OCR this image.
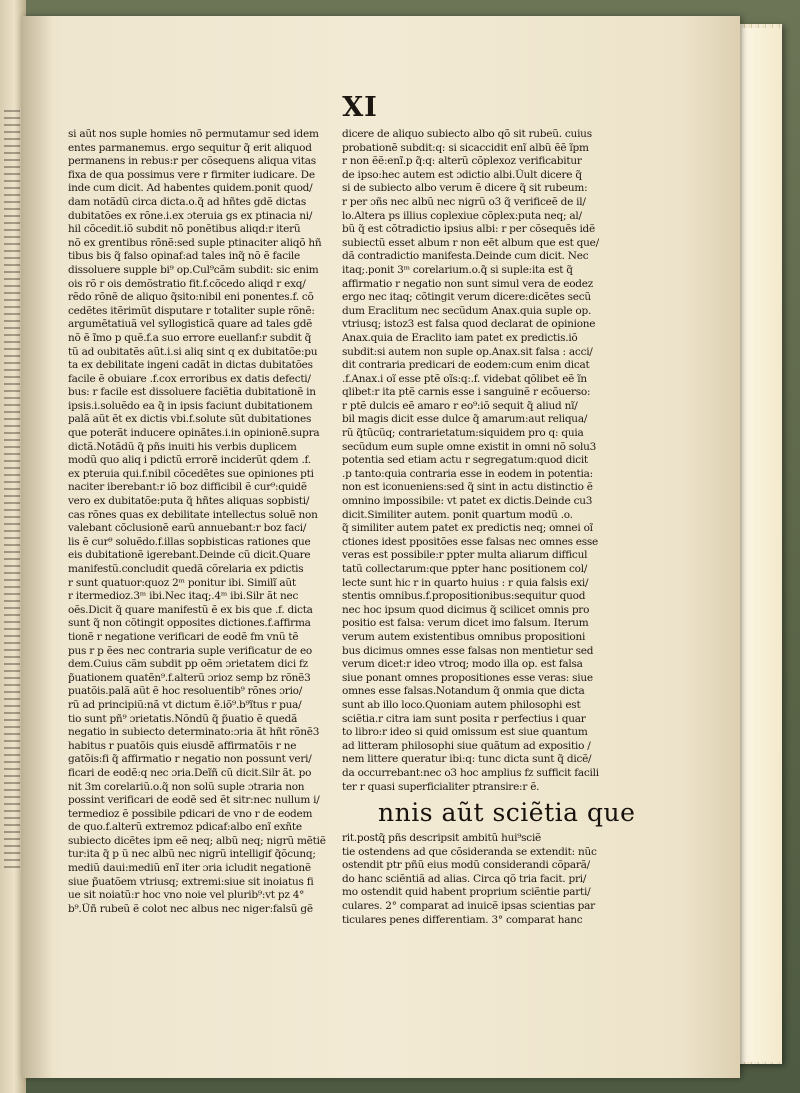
XI
si aũt nos suple homies nõ permutamur sed idem
entes parmanemus. ergo sequitur q̃ erit aliquod
permanens in rebus:r per cõsequens aliqua vitas
fixa de qua possimus vere r firmiter iudicare. De
inde cum dicit. Ad habentes quidem.ponit quod/
dam notãdũ circa dicta.o.q̃ ad hñtes gdẽ dictas
dubitatões ex rõne.i.ex ɔteruia gs ex ptinacia ni/
hil cõcedit.iõ subdit nõ ponẽtibus aliqd:r iterũ
nõ ex grentibus rõnẽ:sed suple ptinaciter aliqõ hñ
tibus bis q̃ falso opinaf:ad tales inq̃ nõ ẽ facile
dissoluere supple bi⁹ op.Cul⁹cãm subdit: sic enim
ois rõ r ois demõstratio fit.f.cõcedo aliqd r exq/
rẽdo rõnẽ de aliquo q̃sito:nibil eni ponentes.f. cõ
cedẽtes itẽrimũt disputare r totaliter suple rõnẽ:
argumẽtatiuã vel syllogisticã quare ad tales gdẽ
nõ ẽ ĩmo p quẽ.f.a suo errore euellanf:r subdit q̃
tũ ad oubitatẽs aũt.i.si aliq sint q ex dubitatõe:pu
ta ex debilitate ingeni cadãt in dictas dubitatões
facile ẽ obuiare .f.cox erroribus ex datis defecti/
bus: r facile est dissoluere faciẽtia dubitationẽ in
ipsis.i.soluẽdo ea q̃ in ipsis faciunt dubitationem
palã aũt ẽt ex dictis vbi.f.solute sũt dubitationes
que poterãt inducere opinãtes.i.in opinionẽ.supra
dictã.Notãdũ q̃ pñs inuiti his verbis duplicem
modũ quo aliq i pdictũ errorẽ inciderũt qdem .f.
ex pteruia qui.f.nibil cõcedẽtes sue opiniones pti
naciter iberebant:r iõ boz difficibil ẽ cur⁹:quidẽ
vero ex dubitatõe:puta q̃ hñtes aliquas sopbisti/
cas rõnes quas ex debilitate intellectus soluẽ non
valebant cõclusionẽ earũ annuebant:r boz faci/
lis ẽ cur⁹ soluẽdo.f.illas sopbisticas rationes que
eis dubitationẽ igerebant.Deinde cũ dicit.Quare
manifestũ.concludit quedã cõrelaria ex pdictis
r sunt quatuor:quoz 2ᵐ ponitur ibi. Similĩ aũt
r itermedioz.3ᵐ ibi.Nec itaq;.4ᵐ ibi.Silr ãt nec
oẽs.Dicit q̃ quare manifestũ ẽ ex bis que .f. dicta
sunt q̃ non cõtingit opposites dictiones.f.affirma
tionẽ r negatione verificari de eodẽ fm vnũ tẽ
pus r p ẽes nec contraria suple verificatur de eo
dem.Cuius cãm subdit pp oẽm ɔrietatem dici fz
p̃uationem quatẽn⁹.f.alterũ ɔrioz semp bz rõnẽ3
puatõis.palã aũt ẽ hoc resoluentib⁹ rõnes ɔrio/
rũ ad principiũ:nã vt dictum ẽ.iõ⁹.b⁹ĩtus r pua/
tio sunt pñ⁹ ɔrietatis.Nõndũ q̃ p̃uatio ẽ quedã
negatio in subiecto determinato:ɔria ãt hñt rõnẽ3
habitus r puatõis quis eiusdẽ affirmatõis r ne
gatõis:fi q̃ affirmatio r negatio non possunt veri/
ficari de eodẽ:q nec ɔria.Deĩñ cũ dicit.Silr ãt. po
nit 3m corelariũ.o.q̃ non solũ suple ɔtraria non
possint verificari de eodẽ sed ẽt sitr:nec nullum i/
termedioz ẽ possibile pdicari de vno r de eodem
de quo.f.alterũ extremoz pdicaf:albo enĩ exñte
subiecto dicẽtes ipm eẽ neq; albũ neq; nigrũ mẽtiẽ
tur:ita q̃ p ũ nec albũ nec nigrũ intelligif q̃õcunq;
mediũ daui:mediũ enĩ iter ɔria icludit negationẽ
siue p̃uatõem vtriusq; extremi:siue sit inoiatus fi
ue sit noiatũ:r hoc vno noie vel plurib⁹:vt pz 4°
b⁹.Ũñ rubeũ ẽ colot nec albus nec niger:falsũ gẽ
dicere de aliquo subiecto albo qõ sit rubeũ. cuius
probationẽ subdit:q: si sicaccidit enĩ albũ ẽẽ ĩpm
r non ẽẽ:enĩ.p q̃:q: alterũ cõplexoz verificabitur
de ipso:hec autem est ɔdictio albi.Ũult dicere q̃
si de subiecto albo verum ẽ dicere q̃ sit rubeum:
r per ɔñs nec albũ nec nigrũ o3 q̃ verificeẽ de il/
lo.Altera ps illius coplexiue cõplex:puta neq; al/
bũ q̃ est cõtradictio ipsius albi: r per cõsequẽs idẽ
subiectũ esset album r non eẽt album que est que/
dã contradictio manifesta.Deinde cum dicit. Nec
itaq;.ponit 3ᵐ corelarium.o.q̃ si suple:ita est q̃
affirmatio r negatio non sunt simul vera de eodez
ergo nec itaq; cõtingit verum dicere:dicẽtes secũ
dum Eraclitum nec secũdum Anax.quia suple op.
vtriusq; istoz3 est falsa quod declarat de opinione
Anax.quia de Eraclito iam patet ex predictis.iõ
subdit:si autem non suple op.Anax.sit falsa : acci/
dit contraria predicari de eodem:cum enim dicat
.f.Anax.i oĩ esse ptẽ oĩs:q:.f. videbat qõlibet eẽ ĩn
qlibet:r ita ptẽ carnis esse i sanguinẽ r ecõuerso:
r ptẽ dulcis eẽ amaro r eo⁹:iõ sequit q̃ aliud nĩ/
bil magis dicit esse dulce q̃ amarum:aut reliqua/
rũ q̃tũcũq; contrarietatum:siquidem pro q: quia
secũdum eum suple omne existit in omni nõ solu3
potentia sed etiam actu r segregatum:quod dicit
.p tanto:quia contraria esse in eodem in potentia:
non est iconueniens:sed q̃ sint in actu distinctio ẽ
omnino impossibile: vt patet ex dictis.Deinde cu3
dicit.Similiter autem. ponit quartum modũ .o.
q̃ similiter autem patet ex predictis neq; omnei oĩ
ctiones idest ppositões esse falsas nec omnes esse
veras est possibile:r ppter multa aliarum difficul
tatũ collectarum:que ppter hanc positionem col/
lecte sunt hic r in quarto huius : r quia falsis exi/
stentis omnibus.f.propositionibus:sequitur quod
nec hoc ipsum quod dicimus q̃ scilicet omnis pro
positio est falsa: verum dicet imo falsum. Iterum
verum autem existentibus omnibus propositioni
bus dicimus omnes esse falsas non mentietur sed
verum dicet:r ideo vtroq; modo illa op. est falsa
siue ponant omnes propositiones esse veras: siue
omnes esse falsas.Notandum q̃ onmia que dicta
sunt ab illo loco.Quoniam autem philosophi est
sciẽtia.r citra iam sunt posita r perfectius i quar
to libro:r ideo si quid omissum est siue quantum
ad litteram philosophi siue quãtum ad expositio /
nem littere queratur ibi:q: tunc dicta sunt q̃ dicẽ/
da occurrebant:nec o3 hoc amplius fz sufficit facili
ter r quasi superficialiter ptransire:r ẽ.
nnis aũt sciẽtia que
rit.postq̃ pñs descripsit ambitũ hui⁹sciẽ
tie ostendens ad que cõsideranda se extendit: nũc
ostendit ptr pñũ eius modũ considerandi cõparã/
do hanc sciẽntiã ad alias. Circa qõ tria facit. pri/
mo ostendit quid habent proprium sciẽntie parti/
culares. 2° comparat ad inuicẽ ipsas scientias par
ticulares penes differentiam. 3° comparat hanc
